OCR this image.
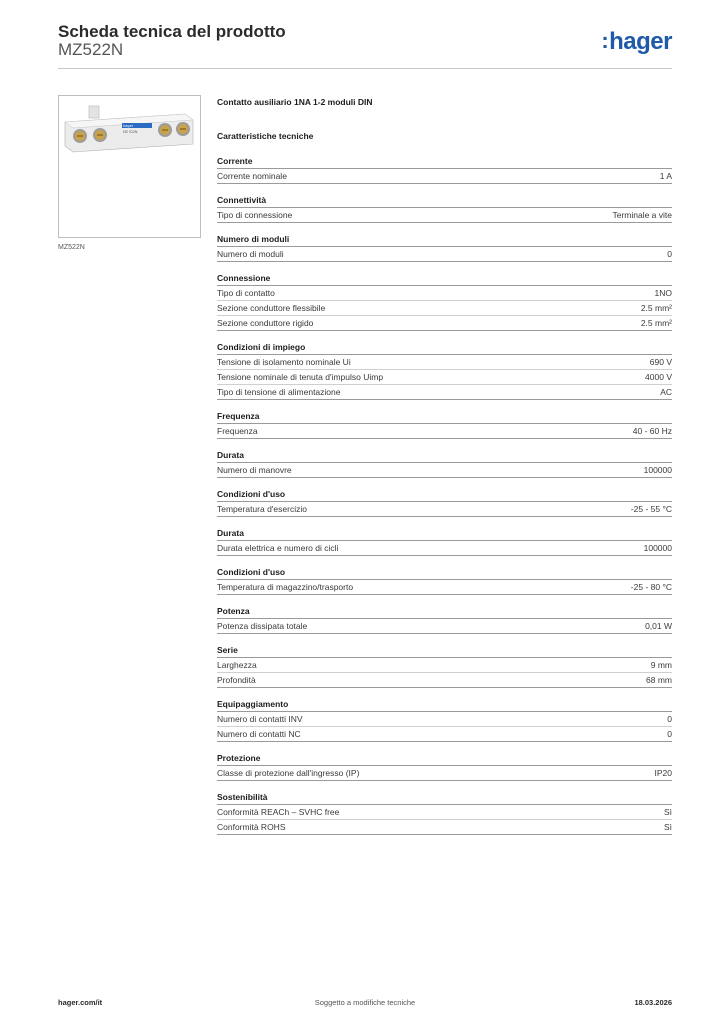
Scheda tecnica del prodotto
MZ522N	:hager
hager
MZ 522N
MZ522N
Contatto ausiliario 1NA 1-2 moduli DIN
Caratteristiche tecniche
Corrente
Corrente nominale	1 A
Connettività
Tipo di connessione	Terminale a vite
Numero di moduli
Numero di moduli	0
Connessione
Tipo di contatto	1NO
Sezione conduttore flessibile	2.5 mm²
Sezione conduttore rigido	2.5 mm²
Condizioni di impiego
Tensione di isolamento nominale Ui	690 V
Tensione nominale di tenuta d'impulso Uimp	4000 V
Tipo di tensione di alimentazione	AC
Frequenza
Frequenza	40 - 60 Hz
Durata
Numero di manovre	100000
Condizioni d'uso
Temperatura d'esercizio	-25 - 55 °C
Durata
Durata elettrica e numero di cicli	100000
Condizioni d'uso
Temperatura di magazzino/trasporto	-25 - 80 °C
Potenza
Potenza dissipata totale	0,01 W
Serie
Larghezza	9 mm
Profondità	68 mm
Equipaggiamento
Numero di contatti INV	0
Numero di contatti NC	0
Protezione
Classe di protezione dall'ingresso (IP)	IP20
Sostenibilità
Conformità REACh – SVHC free	Sì
Conformità ROHS	Sì
hager.com/it	Soggetto a modifiche tecniche	18.03.2026
